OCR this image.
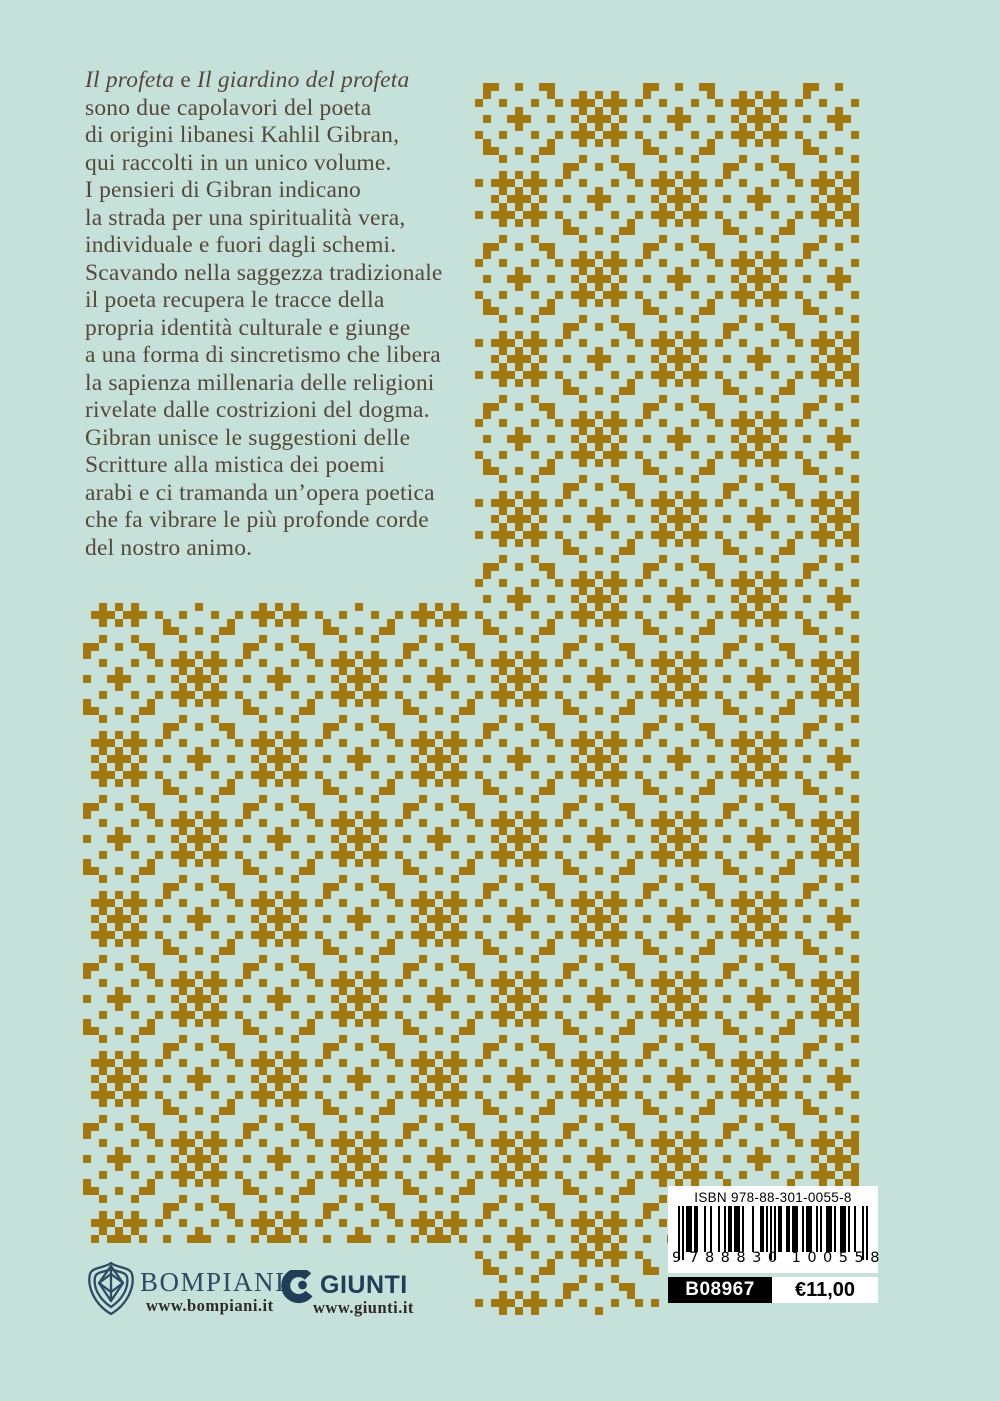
Il profeta e Il giardino del profeta
sono due capolavori del poeta
di origini libanesi Kahlil Gibran,
qui raccolti in un unico volume.
I pensieri di Gibran indicano
la strada per una spiritualità vera,
individuale e fuori dagli schemi.
Scavando nella saggezza tradizionale
il poeta recupera le tracce della
propria identità culturale e giunge
a una forma di sincretismo che libera
la sapienza millenaria delle religioni
rivelate dalle costrizioni del dogma.
Gibran unisce le suggestioni delle
Scritture alla mistica dei poemi
arabi e ci tramanda un’opera poetica
che fa vibrare le più profonde corde
del nostro animo.
BOMPIANI
www.bompiani.it
GIUNTI
www.giunti.it
ISBN 978-88-301-0055-8
9 788830 100558
B08967	€11,00
